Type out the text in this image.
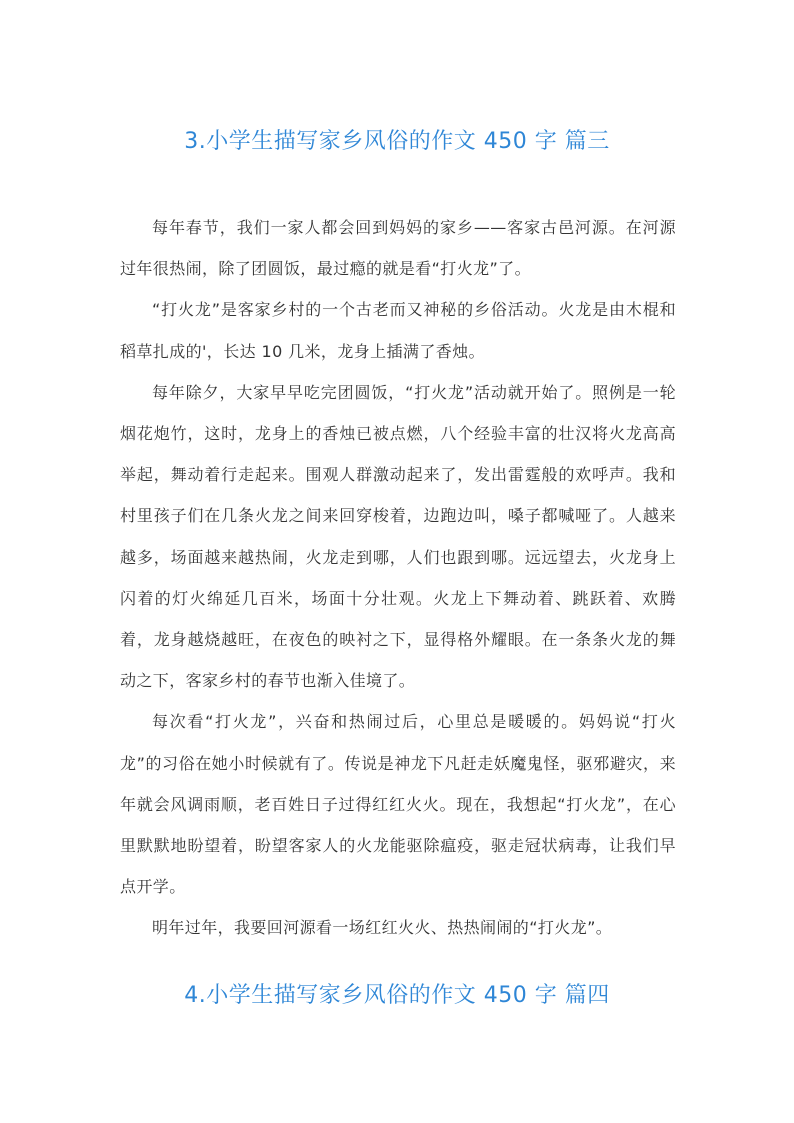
3.小学生描写家乡风俗的作文 450 字 篇三

每年春节，我们一家人都会回到妈妈的家乡——客家古邑河源。在河源过年很热闹，除了团圆饭，最过瘾的就是看“打火龙”了。

“打火龙”是客家乡村的一个古老而又神秘的乡俗活动。火龙是由木棍和稻草扎成的'，长达 10 几米，龙身上插满了香烛。

每年除夕，大家早早吃完团圆饭，“打火龙”活动就开始了。照例是一轮烟花炮竹，这时，龙身上的香烛已被点燃，八个经验丰富的壮汉将火龙高高举起，舞动着行走起来。围观人群激动起来了，发出雷霆般的欢呼声。我和村里孩子们在几条火龙之间来回穿梭着，边跑边叫，嗓子都喊哑了。人越来越多，场面越来越热闹，火龙走到哪，人们也跟到哪。远远望去，火龙身上闪着的灯火绵延几百米，场面十分壮观。火龙上下舞动着、跳跃着、欢腾着，龙身越烧越旺，在夜色的映衬之下，显得格外耀眼。在一条条火龙的舞动之下，客家乡村的春节也渐入佳境了。

每次看“打火龙”，兴奋和热闹过后，心里总是暖暖的。妈妈说“打火龙”的习俗在她小时候就有了。传说是神龙下凡赶走妖魔鬼怪，驱邪避灾，来年就会风调雨顺，老百姓日子过得红红火火。现在，我想起“打火龙”，在心里默默地盼望着，盼望客家人的火龙能驱除瘟疫，驱走冠状病毒，让我们早点开学。

明年过年，我要回河源看一场红红火火、热热闹闹的“打火龙”。

4.小学生描写家乡风俗的作文 450 字 篇四
